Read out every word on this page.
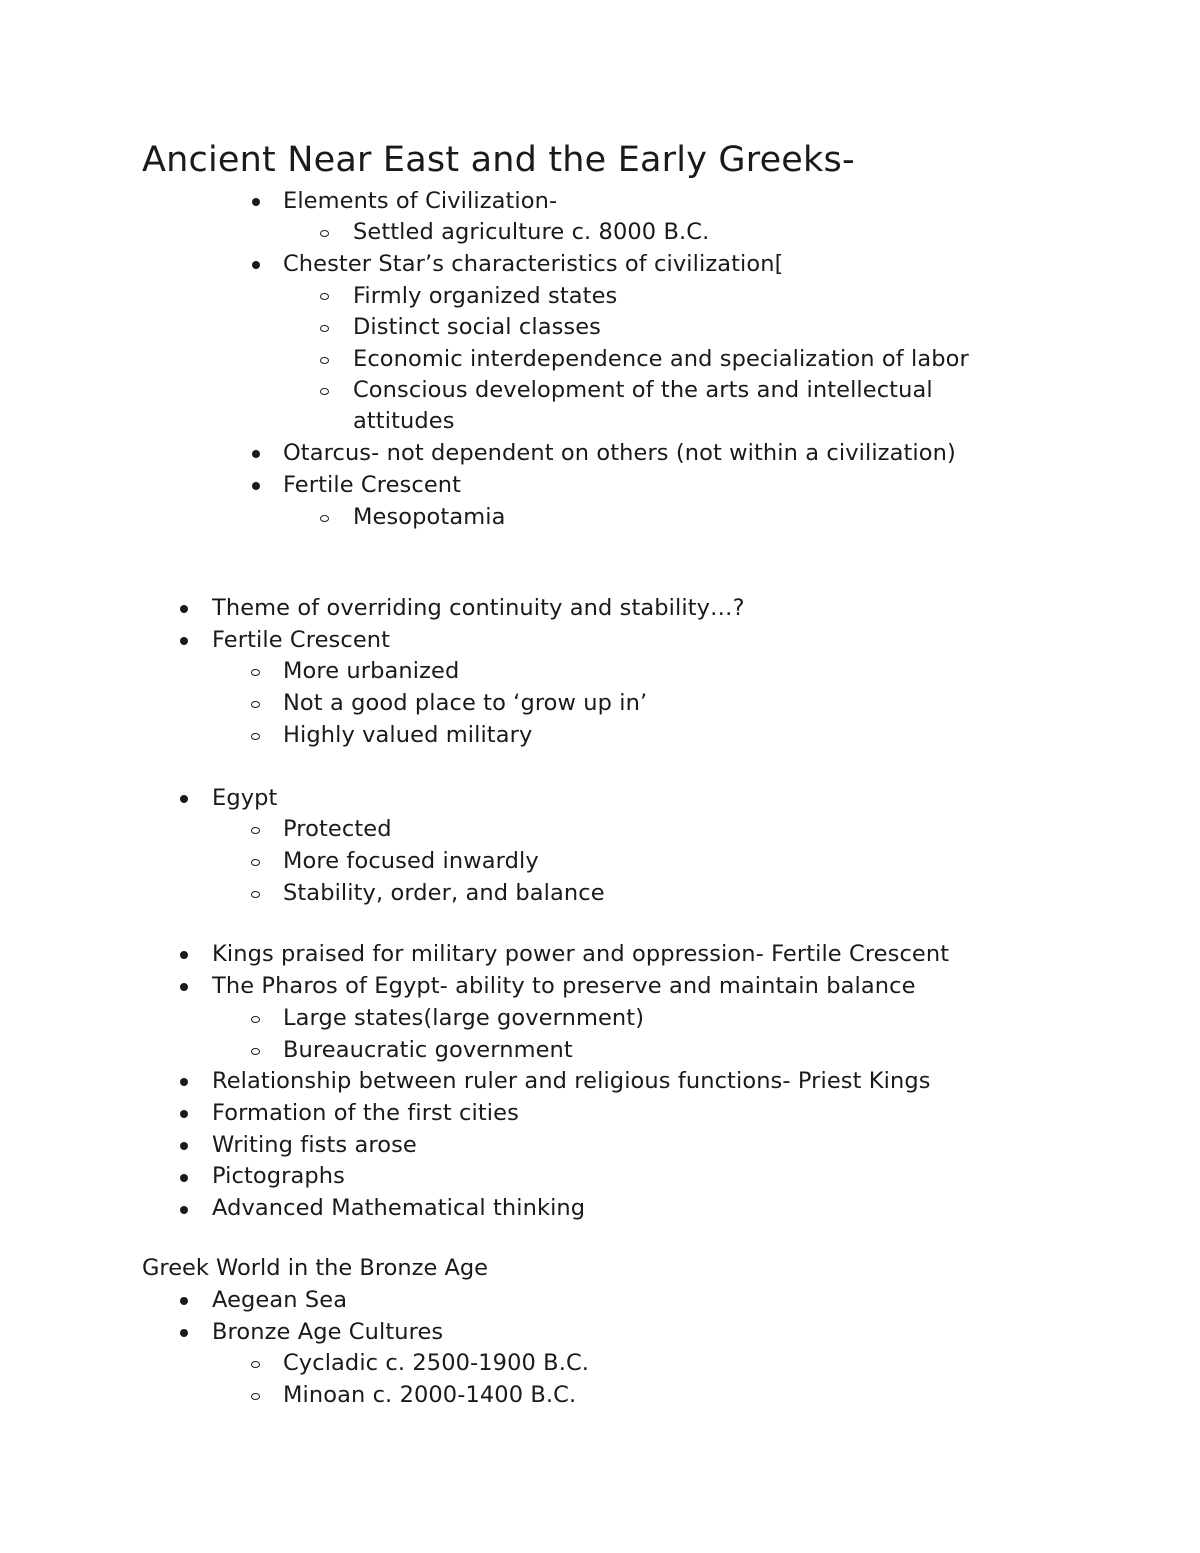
Ancient Near East and the Early Greeks-
Elements of Civilization-
Settled agriculture c. 8000 B.C.
Chester Star’s characteristics of civilization[
Firmly organized states
Distinct social classes
Economic interdependence and specialization of labor
Conscious development of the arts and intellectual
attitudes
Otarcus- not dependent on others (not within a civilization)
Fertile Crescent
Mesopotamia
Theme of overriding continuity and stability…?
Fertile Crescent
More urbanized
Not a good place to ‘grow up in’
Highly valued military
Egypt
Protected
More focused inwardly
Stability, order, and balance
Kings praised for military power and oppression- Fertile Crescent
The Pharos of Egypt- ability to preserve and maintain balance
Large states(large government)
Bureaucratic government
Relationship between ruler and religious functions- Priest Kings
Formation of the first cities
Writing fists arose
Pictographs
Advanced Mathematical thinking
Greek World in the Bronze Age
Aegean Sea
Bronze Age Cultures
Cycladic c. 2500-1900 B.C.
Minoan c. 2000-1400 B.C.
